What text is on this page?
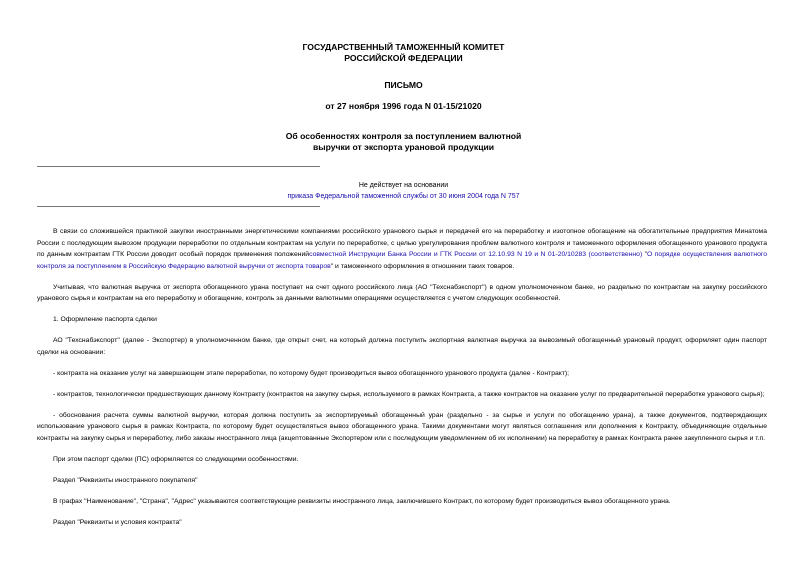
ГОСУДАРСТВЕННЫЙ ТАМОЖЕННЫЙ КОМИТЕТ
РОССИЙСКОЙ ФЕДЕРАЦИИ
ПИСЬМО
от 27 ноября 1996 года N 01-15/21020
Об особенностях контроля за поступлением валютной
выручки от экспорта урановой продукции
Не действует на основании
приказа Федеральной таможенной службы от 30 июня 2004 года N 757

В связи со сложившейся практикой закупки иностранными энергетическими компаниями российского уранового сырья и передачей его на переработку и изотопное обогащение на обогатительные предприятия Минатома России с последующим вывозом продукции переработки по отдельным контрактам на услуги по переработке, с целью урегулирования проблем валютного контроля и таможенного оформления обогащенного уранового продукта по данным контрактам ГТК России доводит особый порядок применения положенийсовместной Инструкции Банка России и ГТК России от 12.10.93 N 19 и N 01-20/10283 (соответственно) "О порядке осуществления валютного контроля за поступлением в Российскую Федерацию валютной выручки от экспорта товаров" и таможенного оформления в отношении таких товаров.

Учитывая, что валютная выручка от экспорта обогащенного урана поступает на счет одного российского лица (АО "Техснабэкспорт") в одном уполномоченном банке, но раздельно по контрактам на закупку российского уранового сырья и контрактам на его переработку и обогащение, контроль за данными валютными операциями осуществляется с учетом следующих особенностей.

1. Оформление паспорта сделки

АО "Техснабэкспорт" (далее - Экспортер) в уполномоченном банке, где открыт счет, на который должна поступить экспортная валютная выручка за вывозимый обогащенный урановый продукт, оформляет один паспорт сделки на основании:

- контракта на оказание услуг на завершающем этапе переработки, по которому будет производиться вывоз обогащенного уранового продукта (далее - Контракт);

- контрактов, технологически предшествующих данному Контракту (контрактов на закупку сырья, используемого в рамках Контракта, а также контрактов на оказание услуг по предварительной переработке уранового сырья);

- обоснования расчета суммы валютной выручки, которая должна поступить за экспортируемый обогащенный уран (раздельно - за сырье и услуги по обогащению урана), а также документов, подтверждающих использование уранового сырья в рамках Контракта, по которому будет осуществляться вывоз обогащенного урана. Такими документами могут являться соглашения или дополнения к Контракту, объединяющие отдельные контракты на закупку сырья и переработку, либо заказы иностранного лица (акцептованные Экспортером или с последующим уведомлением об их исполнении) на переработку в рамках Контракта ранее закупленного сырья и т.п.

При этом паспорт сделки (ПС) оформляется со следующими особенностями.

Раздел "Реквизиты иностранного покупателя"

В графах "Наименование", "Страна", "Адрес" указываются соответствующие реквизиты иностранного лица, заключившего Контракт, по которому будет производиться вывоз обогащенного урана.

Раздел "Реквизиты и условия контракта"
